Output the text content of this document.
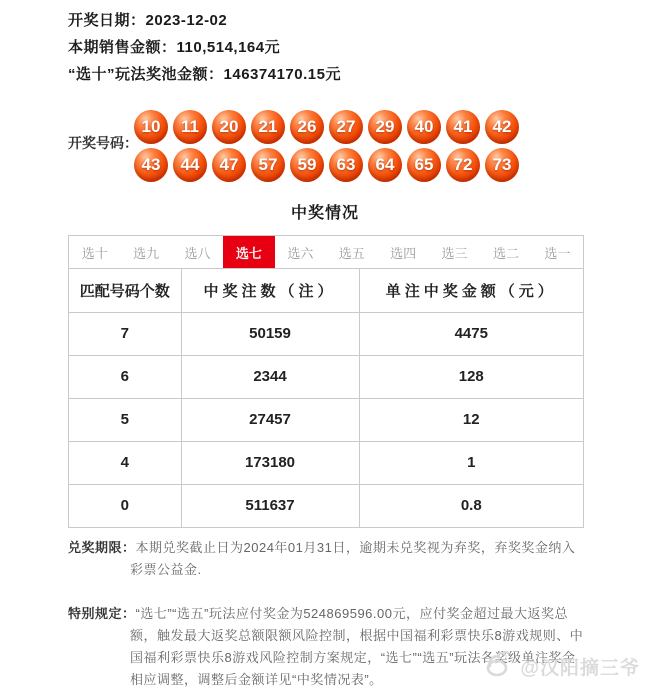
开奖日期：2023-12-02
本期销售金额：110,514,164元
“选十”玩法奖池金额：146374170.15元
开奖号码：
10	11	20	21	26	27	29	40	41	42
43	44	47	57	59	63	64	65	72	73
中奖情况
选十	选九	选八	选七	选六	选五	选四	选三	选二	选一
匹配号码个数	中奖注数（注）	单注中奖金额（元）
7	50159	4475
6	2344	128
5	27457	12
4	173180	1
0	511637	0.8
兑奖期限：本期兑奖截止日为2024年01月31日，逾期未兑奖视为弃奖，弃奖奖金纳入彩票公益金.
特别规定：“选七”“选五”玩法应付奖金为524869596.00元，应付奖金超过最大返奖总额，触发最大返奖总额限额风险控制，根据中国福利彩票快乐8游戏规则、中国福利彩票快乐8游戏风险控制方案规定，“选七”“选五”玩法各奖级单注奖金相应调整，调整后金额详见“中奖情况表”。
@汉阳摘三爷
